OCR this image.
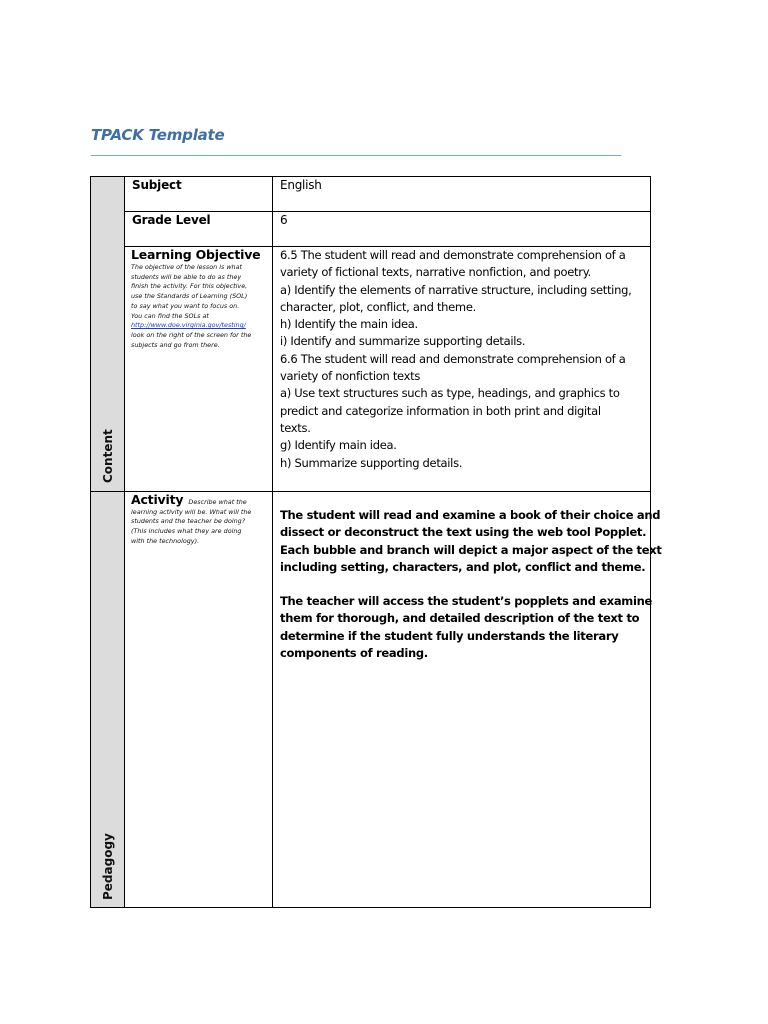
TPACK Template
Content
Pedagogy
Subject	English
Grade Level	6
Learning Objective
The objective of the lesson is what
students will be able to do as they
finish the activity. For this objective,
use the Standards of Learning (SOL)
to say what you want to focus on.
You can find the SOLs at
http://www.doe.virginia.gov/testing/
look on the right of the screen for the
subjects and go from there.
6.5 The student will read and demonstrate comprehension of a
variety of fictional texts, narrative nonfiction, and poetry.
a) Identify the elements of narrative structure, including setting,
character, plot, conflict, and theme.
h) Identify the main idea.
i) Identify and summarize supporting details.
6.6 The student will read and demonstrate comprehension of a
variety of nonfiction texts
a) Use text structures such as type, headings, and graphics to
predict and categorize information in both print and digital
texts.
g) Identify main idea.
h) Summarize supporting details.
Activity Describe what the
learning activity will be. What will the
students and the teacher be doing?
(This includes what they are doing
with the technology).
The student will read and examine a book of their choice and
dissect or deconstruct the text using the web tool Popplet.
Each bubble and branch will depict a major aspect of the text
including setting, characters, and plot, conflict and theme.
The teacher will access the student’s popplets and examine
them for thorough, and detailed description of the text to
determine if the student fully understands the literary
components of reading.
